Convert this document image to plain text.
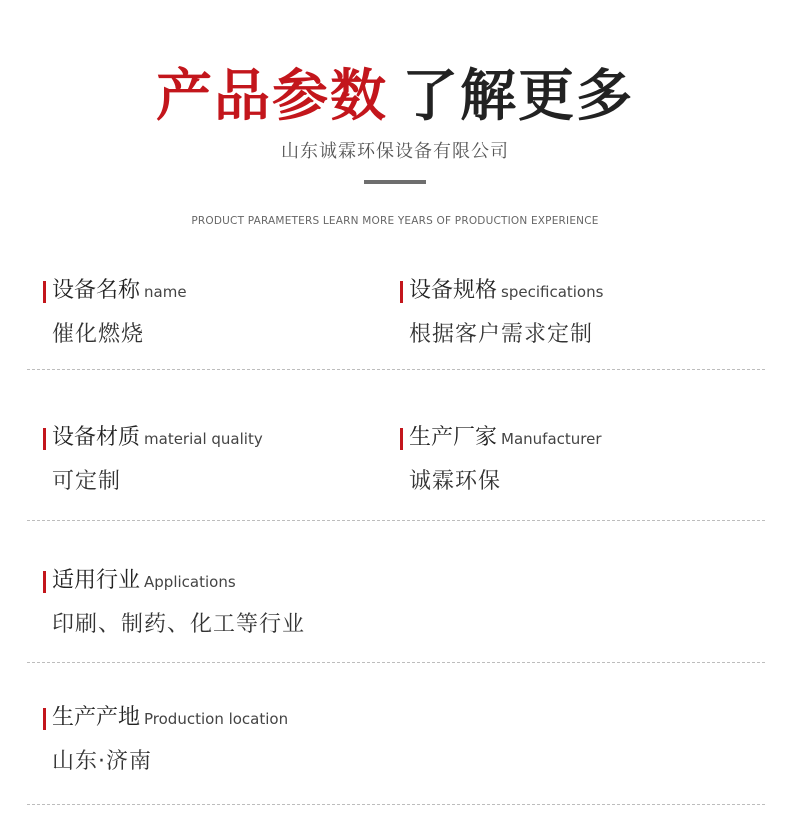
产品参数 了解更多
山东诚霖环保设备有限公司
PRODUCT PARAMETERS LEARN MORE YEARS OF PRODUCTION EXPERIENCE
设备名称 name
催化燃烧
设备规格 specifications
根据客户需求定制
设备材质 material quality
可定制
生产厂家 Manufacturer
诚霖环保
适用行业 Applications
印刷、制药、化工等行业
生产产地 Production location
山东·济南
